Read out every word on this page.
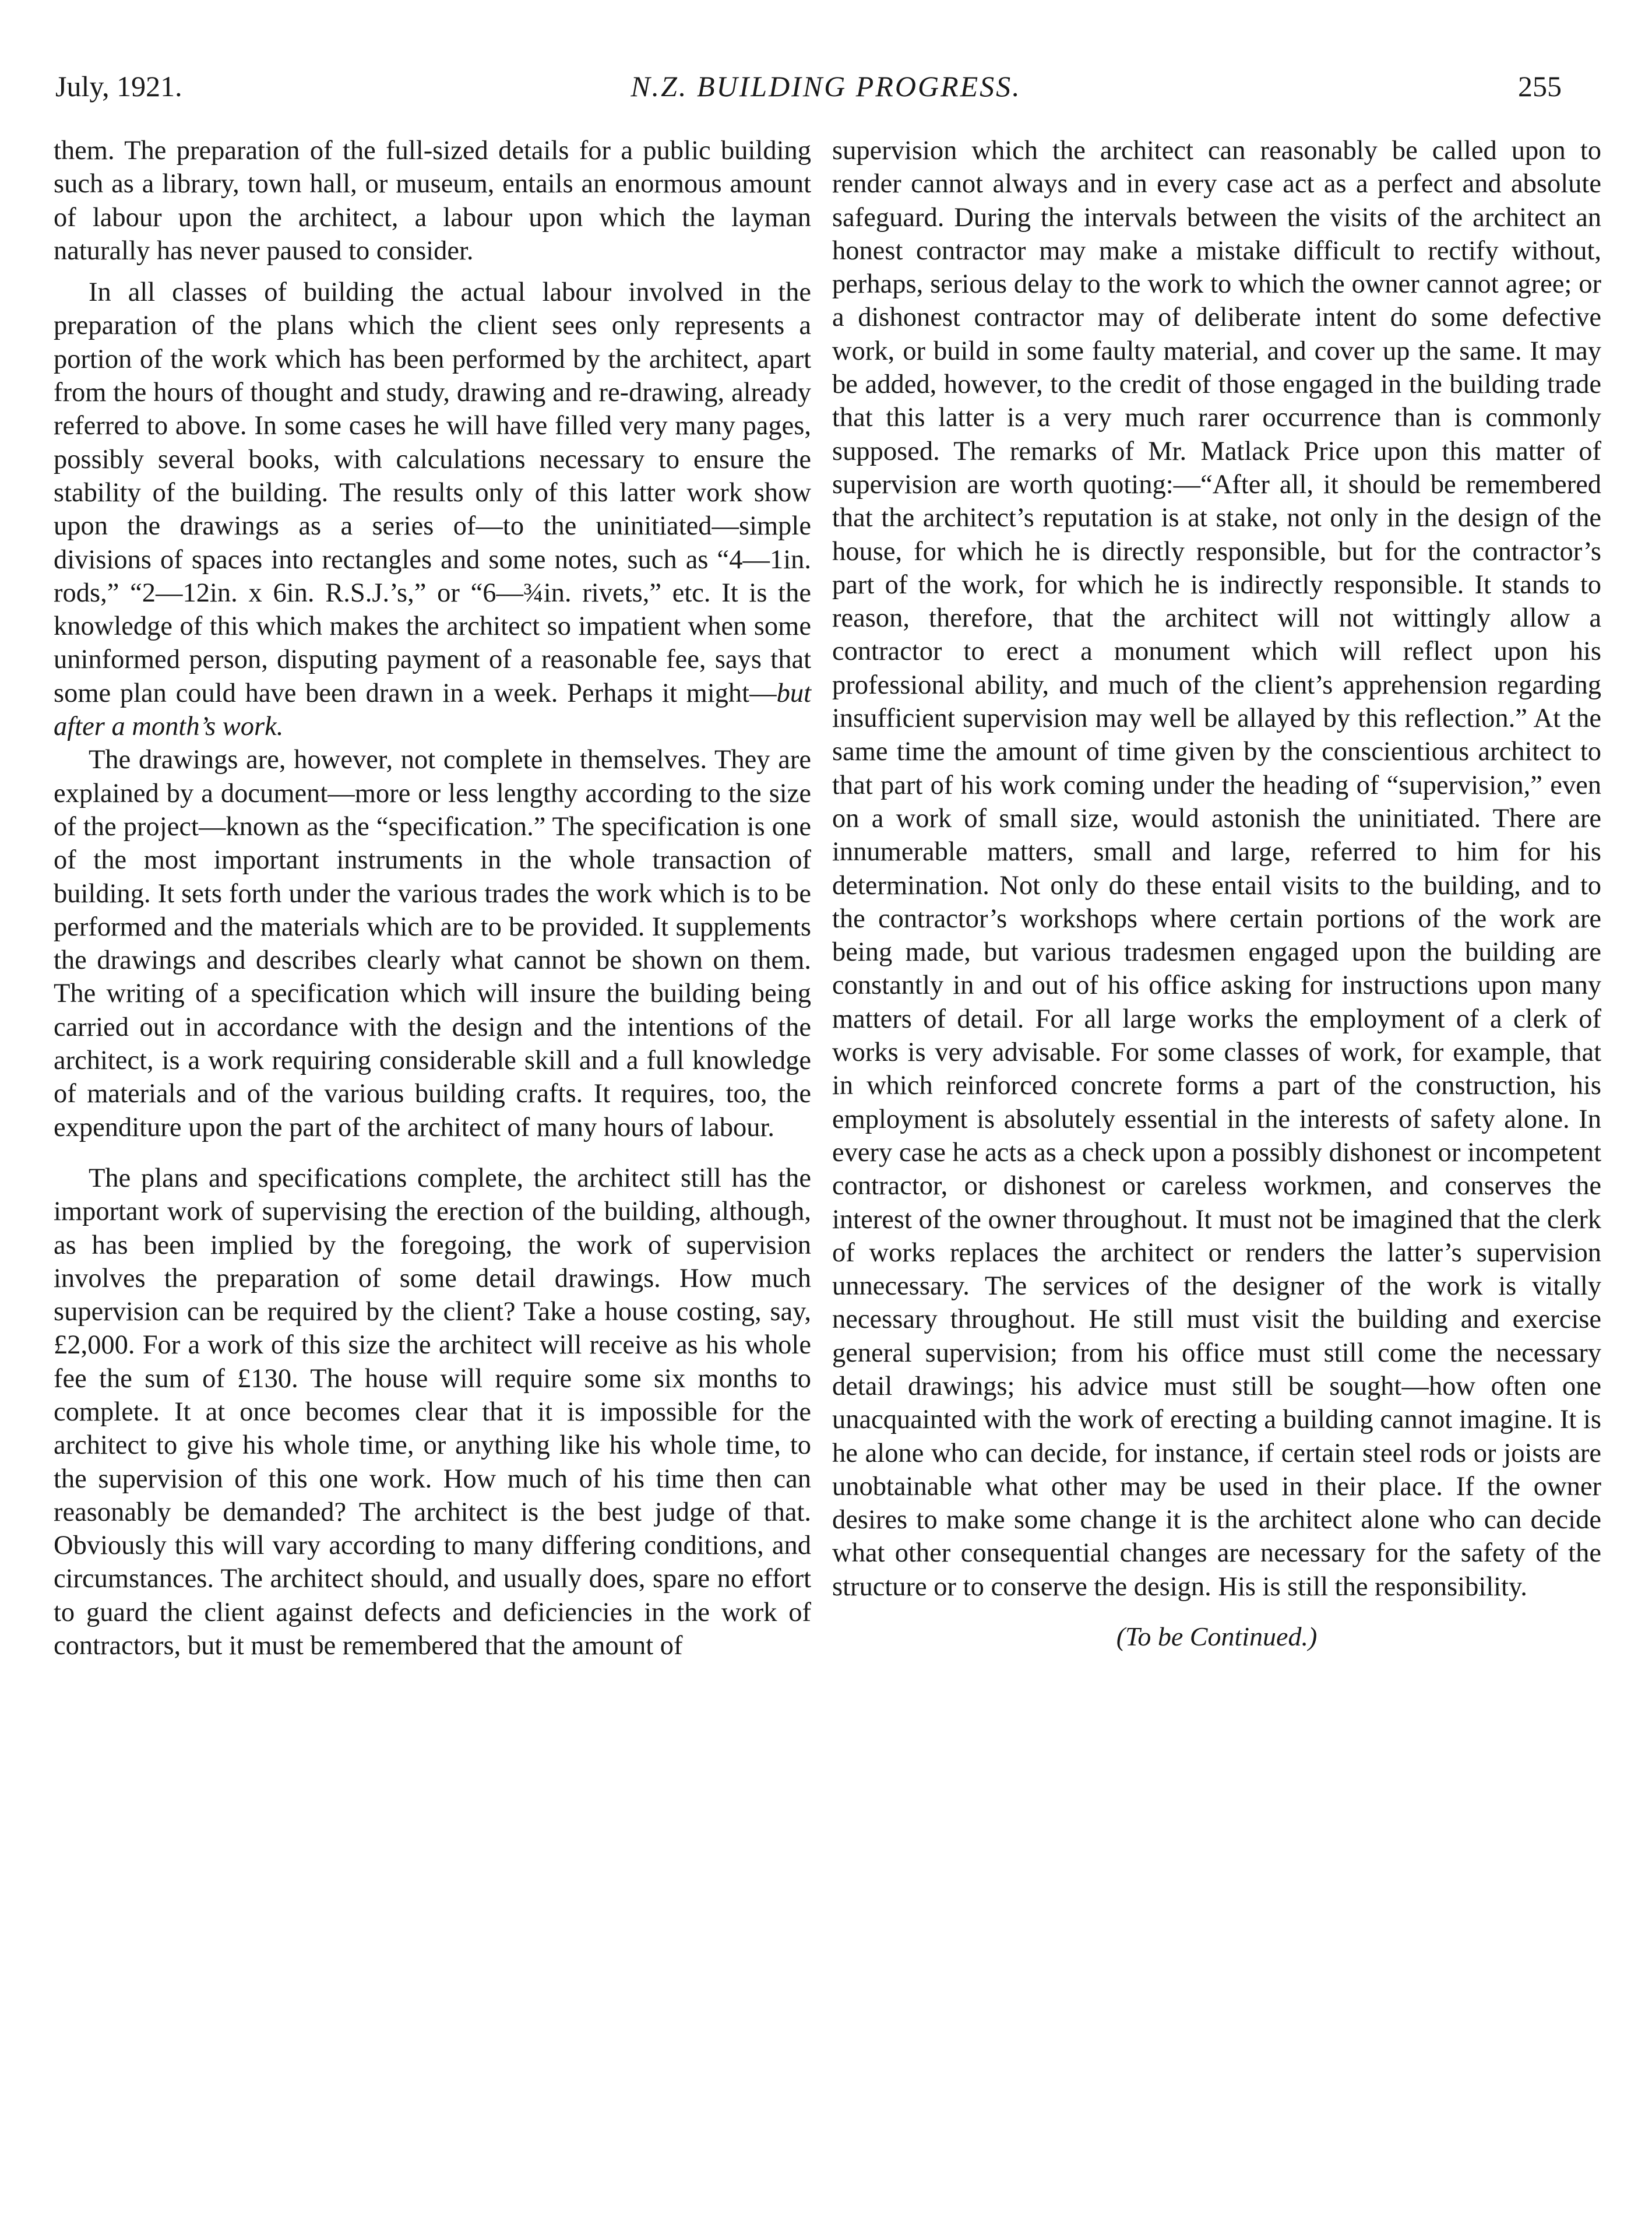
July, 1921.	N.Z. BUILDING PROGRESS.	255

them. The preparation of the full-sized details for a public building such as a library, town hall, or museum, entails an enormous amount of labour upon the architect, a labour upon which the layman naturally has never paused to consider.

In all classes of building the actual labour involved in the preparation of the plans which the client sees only represents a portion of the work which has been performed by the architect, apart from the hours of thought and study, drawing and re-drawing, already referred to above. In some cases he will have filled very many pages, possibly several books, with calculations necessary to ensure the stability of the building. The results only of this latter work show upon the drawings as a series of—to the uninitiated—simple divisions of spaces into rectangles and some notes, such as “4—1in. rods,” “2—12in. x 6in. R.S.J.’s,” or “6—¾in. rivets,” etc. It is the knowledge of this which makes the architect so impatient when some uninformed person, disputing payment of a reasonable fee, says that some plan could have been drawn in a week. Perhaps it might—but after a month’s work.

The drawings are, however, not complete in themselves. They are explained by a document—more or less lengthy according to the size of the project—known as the “specification.” The specification is one of the most important instruments in the whole transaction of building. It sets forth under the various trades the work which is to be performed and the materials which are to be provided. It supplements the drawings and describes clearly what cannot be shown on them. The writing of a specification which will insure the building being carried out in accordance with the design and the intentions of the architect, is a work requiring considerable skill and a full knowledge of materials and of the various building crafts. It requires, too, the expenditure upon the part of the architect of many hours of labour.

The plans and specifications complete, the architect still has the important work of supervising the erection of the building, although, as has been implied by the foregoing, the work of supervision involves the preparation of some detail drawings. How much supervision can be required by the client? Take a house costing, say, £2,000. For a work of this size the architect will receive as his whole fee the sum of £130. The house will require some six months to complete. It at once becomes clear that it is impossible for the architect to give his whole time, or anything like his whole time, to the supervision of this one work. How much of his time then can reasonably be demanded? The architect is the best judge of that. Obviously this will vary according to many differing conditions, and circumstances. The architect should, and usually does, spare no effort to guard the client against defects and deficiencies in the work of contractors, but it must be remembered that the amount of

supervision which the architect can reasonably be called upon to render cannot always and in every case act as a perfect and absolute safeguard. During the intervals between the visits of the architect an honest contractor may make a mistake difficult to rectify without, perhaps, serious delay to the work to which the owner cannot agree; or a dishonest contractor may of deliberate intent do some defective work, or build in some faulty material, and cover up the same. It may be added, however, to the credit of those engaged in the building trade that this latter is a very much rarer occurrence than is commonly supposed. The remarks of Mr. Matlack Price upon this matter of supervision are worth quoting:—“After all, it should be remembered that the architect’s reputation is at stake, not only in the design of the house, for which he is directly responsible, but for the contractor’s part of the work, for which he is indirectly responsible. It stands to reason, therefore, that the architect will not wittingly allow a contractor to erect a monument which will reflect upon his professional ability, and much of the client’s apprehension regarding insufficient supervision may well be allayed by this reflection.” At the same time the amount of time given by the conscientious architect to that part of his work coming under the heading of “supervision,” even on a work of small size, would astonish the uninitiated. There are innumerable matters, small and large, referred to him for his determination. Not only do these entail visits to the building, and to the contractor’s workshops where certain portions of the work are being made, but various tradesmen engaged upon the building are constantly in and out of his office asking for instructions upon many matters of detail. For all large works the employment of a clerk of works is very advisable. For some classes of work, for example, that in which reinforced concrete forms a part of the construction, his employment is absolutely essential in the interests of safety alone. In every case he acts as a check upon a possibly dishonest or incompetent contractor, or dishonest or careless workmen, and conserves the interest of the owner throughout. It must not be imagined that the clerk of works replaces the architect or renders the latter’s supervision unnecessary. The services of the designer of the work is vitally necessary throughout. He still must visit the building and exercise general supervision; from his office must still come the necessary detail drawings; his advice must still be sought—how often one unacquainted with the work of erecting a building cannot imagine. It is he alone who can decide, for instance, if certain steel rods or joists are unobtainable what other may be used in their place. If the owner desires to make some change it is the architect alone who can decide what other consequential changes are necessary for the safety of the structure or to conserve the design. His is still the responsibility.

(To be Continued.)
